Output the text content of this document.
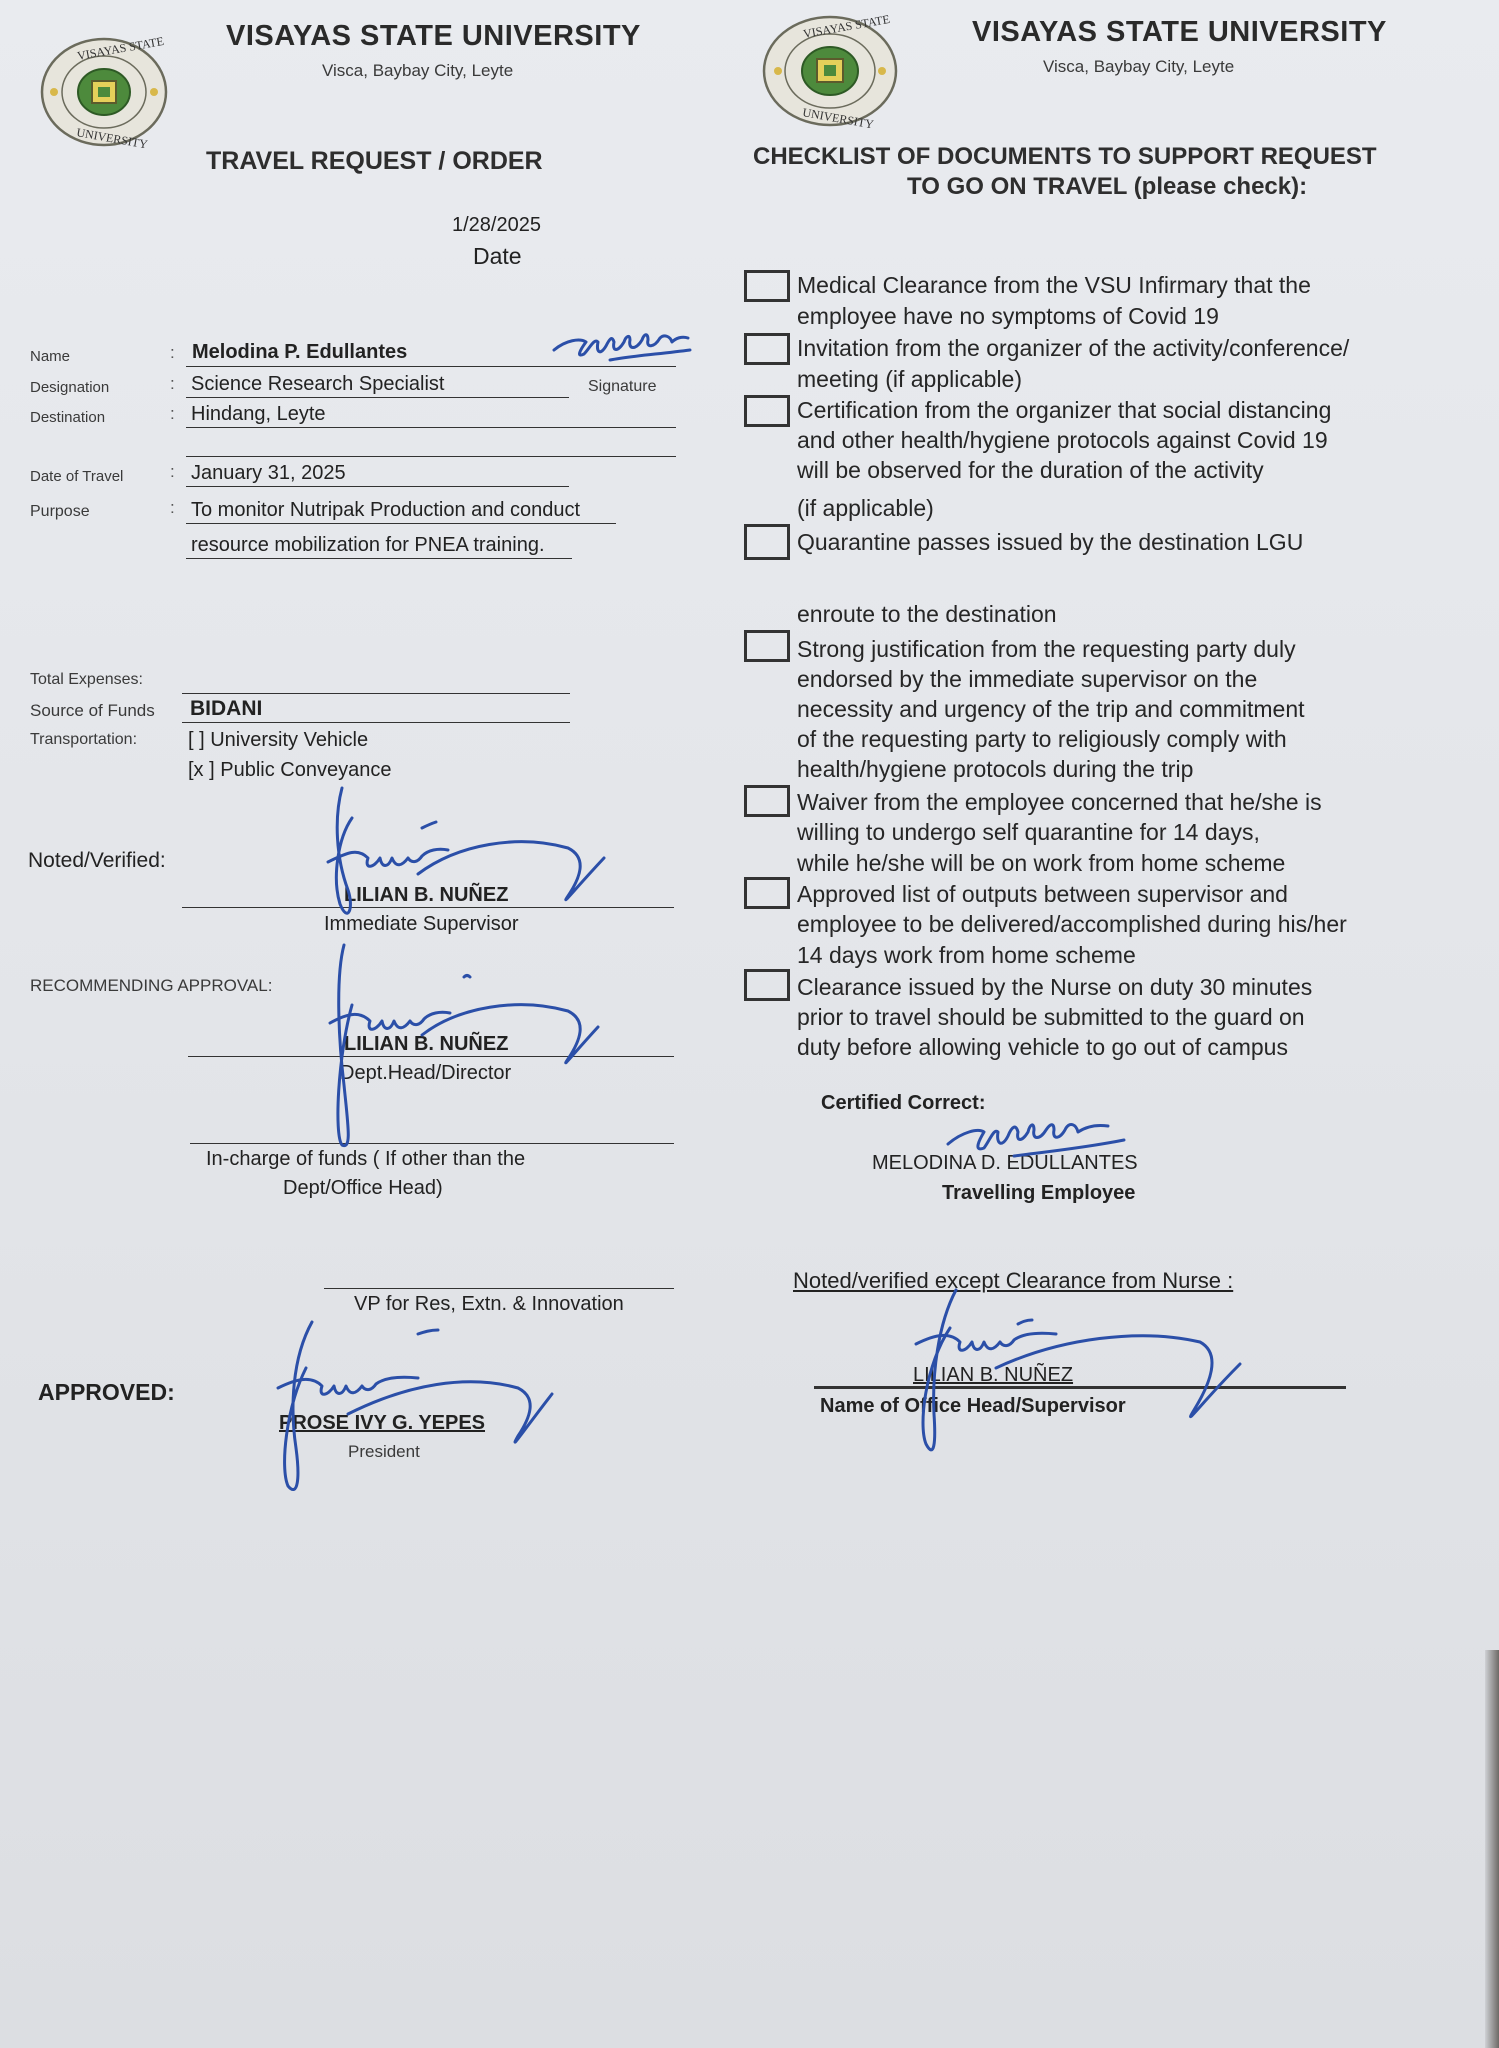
VISAYAS STATE
UNIVERSITY
VISAYAS STATE UNIVERSITY
Visca, Baybay City, Leyte
VISAYAS STATE
UNIVERSITY
VISAYAS STATE UNIVERSITY
Visca, Baybay City, Leyte
TRAVEL REQUEST / ORDER
1/28/2025
Date
Name	: Melodina P. Edullantes
Designation	: Science Research Specialist	Signature
Destination	: Hindang, Leyte
Date of Travel	: January 31, 2025
Purpose	: To monitor Nutripak Production and conduct
resource mobilization for PNEA training.
Total Expenses:
Source of Funds BIDANI
Transportation:	[ ] University Vehicle
[x ] Public Conveyance
Noted/Verified:
LILIAN B. NUÑEZ
Immediate Supervisor
RECOMMENDING APPROVAL:
LILIAN B. NUÑEZ
Dept.Head/Director
In-charge of funds ( If other than the
Dept/Office Head)
VP for Res, Extn. & Innovation
APPROVED:
PROSE IVY G. YEPES
President
CHECKLIST OF DOCUMENTS TO SUPPORT REQUEST
TO GO ON TRAVEL (please check):
Medical Clearance from the VSU Infirmary that the
employee have no symptoms of Covid 19
Invitation from the organizer of the activity/conference/
meeting (if applicable)
Certification from the organizer that social distancing
and other health/hygiene protocols against Covid 19
will be observed for the duration of the activity
(if applicable)
Quarantine passes issued by the destination LGU
enroute to the destination
Strong justification from the requesting party duly
endorsed by the immediate supervisor on the
necessity and urgency of the trip and commitment
of the requesting party to religiously comply with
health/hygiene protocols during the trip
Waiver from the employee concerned that he/she is
willing to undergo self quarantine for 14 days,
while he/she will be on work from home scheme
Approved list of outputs between supervisor and
employee to be delivered/accomplished during his/her
14 days work from home scheme
Clearance issued by the Nurse on duty 30 minutes
prior to travel should be submitted to the guard on
duty before allowing vehicle to go out of campus
Certified Correct:
MELODINA D. EDULLANTES
Travelling Employee
Noted/verified except Clearance from Nurse :
LILIAN B. NUÑEZ
Name of Office Head/Supervisor
